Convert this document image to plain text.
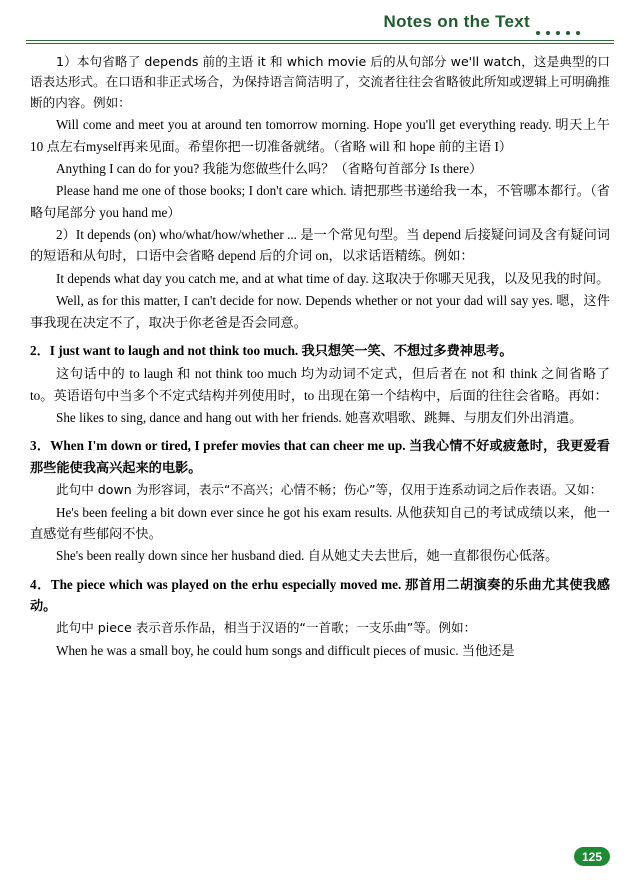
Notes on the Text

1）本句省略了 depends 前的主语 it 和 which movie 后的从句部分 we'll watch，这是典型的口语表达形式。在口语和非正式场合，为保持语言简洁明了，交流者往往会省略彼此所知或逻辑上可明确推断的内容。例如：

Will come and meet you at around ten tomorrow morning. Hope you'll get everything ready. 明天上午 10 点左右myself再来见面。希望你把一切准备就绪。（省略 will 和 hope 前的主语 I）

Anything I can do for you? 我能为您做些什么吗？（省略句首部分 Is there）

Please hand me one of those books; I don't care which. 请把那些书递给我一本，不管哪本都行。（省略句尾部分 you hand me）

2）It depends (on) who/what/how/whether ... 是一个常见句型。当 depend 后接疑问词及含有疑问词的短语和从句时，口语中会省略 depend 后的介词 on，以求话语精练。例如：

It depends what day you catch me, and at what time of day. 这取决于你哪天见我，以及见我的时间。

Well, as for this matter, I can't decide for now. Depends whether or not your dad will say yes. 嗯，这件事我现在决定不了，取决于你老爸是否会同意。

2．I just want to laugh and not think too much. 我只想笑一笑、不想过多费神思考。

这句话中的 to laugh 和 not think too much 均为动词不定式，但后者在 not 和 think 之间省略了 to。英语语句中当多个不定式结构并列使用时，to 出现在第一个结构中，后面的往往会省略。再如：

She likes to sing, dance and hang out with her friends. 她喜欢唱歌、跳舞、与朋友们外出消遣。

3．When I'm down or tired, I prefer movies that can cheer me up. 当我心情不好或疲惫时，我更爱看那些能使我高兴起来的电影。

此句中 down 为形容词，表示“不高兴；心情不畅；伤心”等，仅用于连系动词之后作表语。又如：

He's been feeling a bit down ever since he got his exam results. 从他获知自己的考试成绩以来，他一直感觉有些郁闷不快。

She's been really down since her husband died. 自从她丈夫去世后，她一直都很伤心低落。

4．The piece which was played on the erhu especially moved me. 那首用二胡演奏的乐曲尤其使我感动。

此句中 piece 表示音乐作品，相当于汉语的“一首歌；一支乐曲”等。例如：

When he was a small boy, he could hum songs and difficult pieces of music. 当他还是

125
